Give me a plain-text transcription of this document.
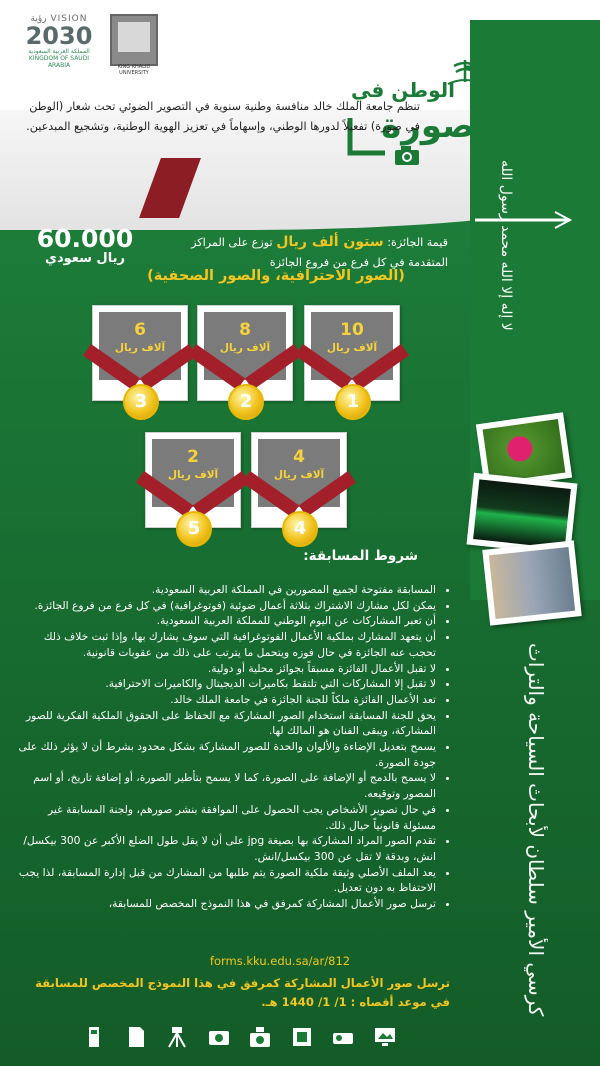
لا إله إلا الله محمد رسول الله
VISION رؤية
2030
المملكة العربية السعودية KINGDOM OF SAUDI ARABIA	KING KHALID UNIVERSITY
الوطن في
صورة
تنظم جامعة الملك خالد منافسة وطنية سنوية في التصوير الضوئي تحت شعار (الوطن في صورة) تفعيلاً لدورها الوطني، وإسهاماً في تعزيز الهوية الوطنية، وتشجيع المبدعين.
60.000
ريال سعودي
قيمة الجائزة: ستون ألف ريال توزع على المراكز المتقدمة في كل فرع من فروع الجائزة
(الصور الاحترافية، والصور الصحفية)
10
آلاف ريال
1
8
آلاف ريال
2
6
آلاف ريال
3
4
آلاف ريال
4
2
آلاف ريال
5
كرسي الأمير سلطان لأبحاث السياحة والتراث
شروط المسابقة:
• المسابقة مفتوحة لجميع المصورين في المملكة العربية السعودية.
• يمكن لكل مشارك الاشتراك بثلاثة أعمال ضوئية (فوتوغرافية) في كل فرع من فروع الجائزة.
• أن تعبر المشاركات عن اليوم الوطني للمملكة العربية السعودية.
• أن يتعهد المشارك بملكية الأعمال الفوتوغرافية التي سوف يشارك بها، وإذا ثبت خلاف ذلك تحجب عنه الجائزة في حال فوزه ويتحمل ما يترتب على ذلك من عقوبات قانونية.
• لا تقبل الأعمال الفائزة مسبقاً بجوائز محلية أو دولية.
• لا تقبل إلا المشاركات التي تلتقط بكاميرات الديجيتال والكاميرات الاحترافية.
• تعد الأعمال الفائزة ملكاً للجنة الجائزة في جامعة الملك خالد.
• يحق للجنة المسابقة استخدام الصور المشاركة مع الحفاظ على الحقوق الملكية الفكرية للصور المشاركة، ويبقى الفنان هو المالك لها.
• يسمح بتعديل الإضاءة والألوان والحدة للصور المشاركة بشكل محدود بشرط أن لا يؤثر ذلك على جودة الصورة.
• لا يسمح بالدمج أو الإضافة على الصورة، كما لا يسمح بتأطير الصورة، أو إضافة تاريخ، أو اسم المصور وتوقيعه.
• في حال تصوير الأشخاص يجب الحصول على الموافقة بنشر صورهم، ولجنة المسابقة غير مسئولة قانونياً حيال ذلك.
• تقدم الصور المراد المشاركة بها بصيغة jpg على أن لا يقل طول الضلع الأكبر عن 300 بيكسل/انش، وبدقة لا تقل عن 300 بيكسل/انش.
• يعد الملف الأصلي وثيقة ملكية الصورة يتم طلبها من المشارك من قبل إدارة المسابقة، لذا يجب الاحتفاظ به دون تعديل.
• ترسل صور الأعمال المشاركة كمرفق في هذا النموذج المخصص للمسابقة،
forms.kku.edu.sa/ar/812
ترسل صور الأعمال المشاركة كمرفق في هذا النموذج المخصص للمسابقة في موعد أقصاه : 1/ 1/ 1440 هـ.
